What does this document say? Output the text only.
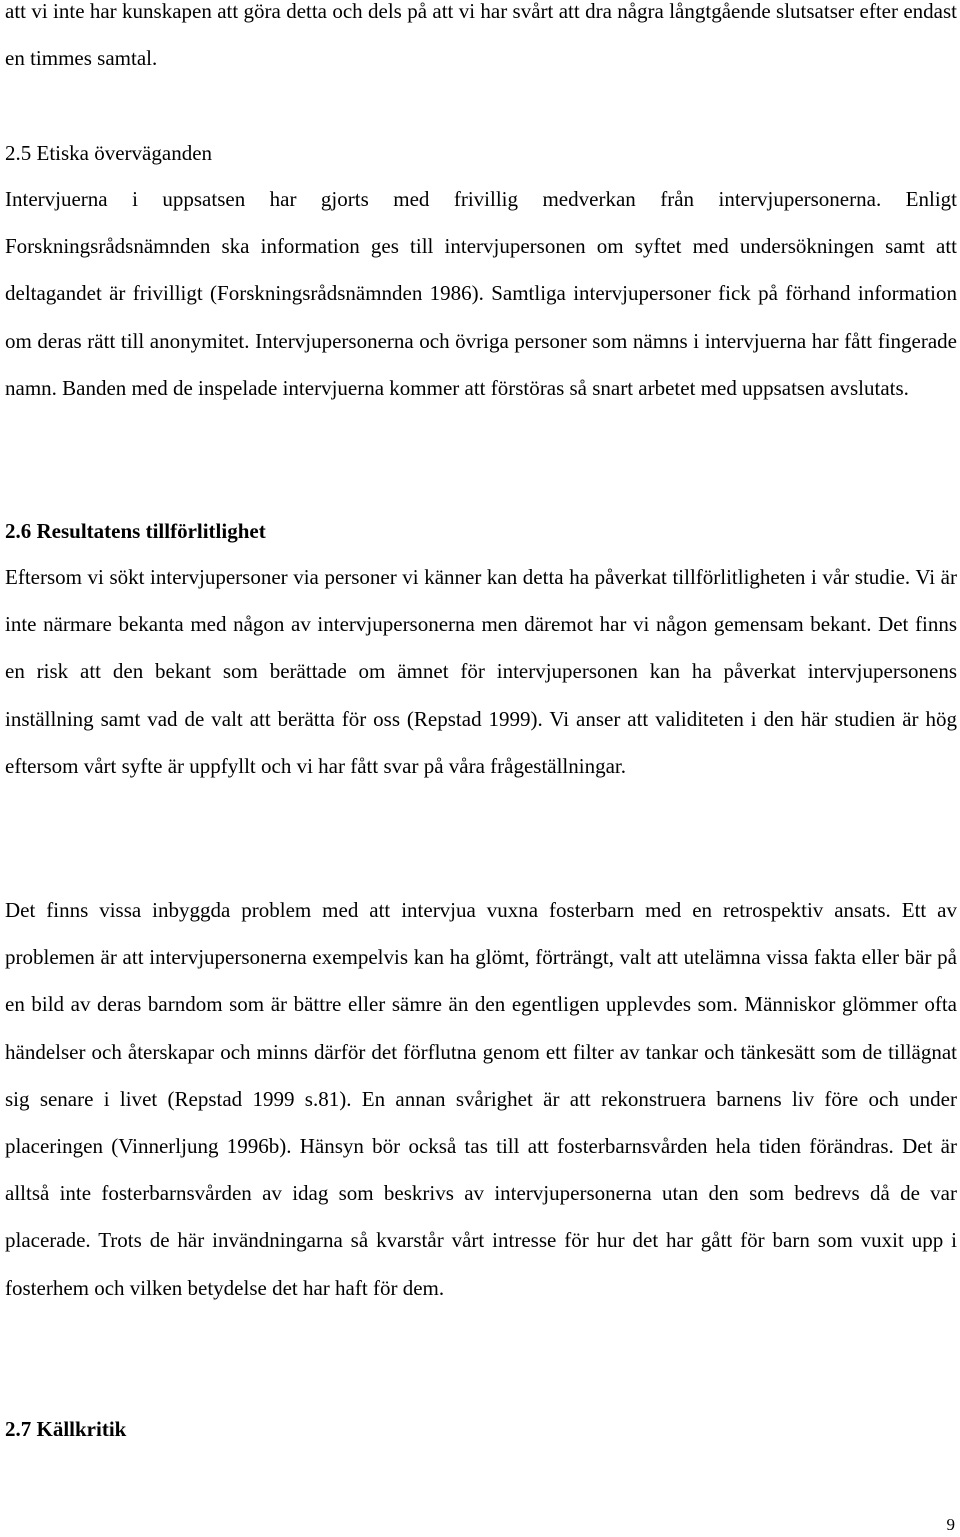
att vi inte har kunskapen att göra detta och dels på att vi har svårt att dra några långtgående slutsatser efter endast en timmes samtal.

2.5 Etiska överväganden

Intervjuerna i uppsatsen har gjorts med frivillig medverkan från intervjupersonerna. Enligt Forskningsrådsnämnden ska information ges till intervjupersonen om syftet med undersökningen samt att deltagandet är frivilligt (Forskningsrådsnämnden 1986). Samtliga intervjupersoner fick på förhand information om deras rätt till anonymitet. Intervjupersonerna och övriga personer som nämns i intervjuerna har fått fingerade namn. Banden med de inspelade intervjuerna kommer att förstöras så snart arbetet med uppsatsen avslutats.

2.6 Resultatens tillförlitlighet

Eftersom vi sökt intervjupersoner via personer vi känner kan detta ha påverkat tillförlitligheten i vår studie. Vi är inte närmare bekanta med någon av intervjupersonerna men däremot har vi någon gemensam bekant. Det finns en risk att den bekant som berättade om ämnet för intervjupersonen kan ha påverkat intervjupersonens inställning samt vad de valt att berätta för oss (Repstad 1999). Vi anser att validiteten i den här studien är hög eftersom vårt syfte är uppfyllt och vi har fått svar på våra frågeställningar.

Det finns vissa inbyggda problem med att intervjua vuxna fosterbarn med en retrospektiv ansats. Ett av problemen är att intervjupersonerna exempelvis kan ha glömt, förträngt, valt att utelämna vissa fakta eller bär på en bild av deras barndom som är bättre eller sämre än den egentligen upplevdes som. Människor glömmer ofta händelser och återskapar och minns därför det förflutna genom ett filter av tankar och tänkesätt som de tillägnat sig senare i livet (Repstad 1999 s.81). En annan svårighet är att rekonstruera barnens liv före och under placeringen (Vinnerljung 1996b). Hänsyn bör också tas till att fosterbarnsvården hela tiden förändras. Det är alltså inte fosterbarnsvården av idag som beskrivs av intervjupersonerna utan den som bedrevs då de var placerade. Trots de här invändningarna så kvarstår vårt intresse för hur det har gått för barn som vuxit upp i fosterhem och vilken betydelse det har haft för dem.

2.7 Källkritik
9
